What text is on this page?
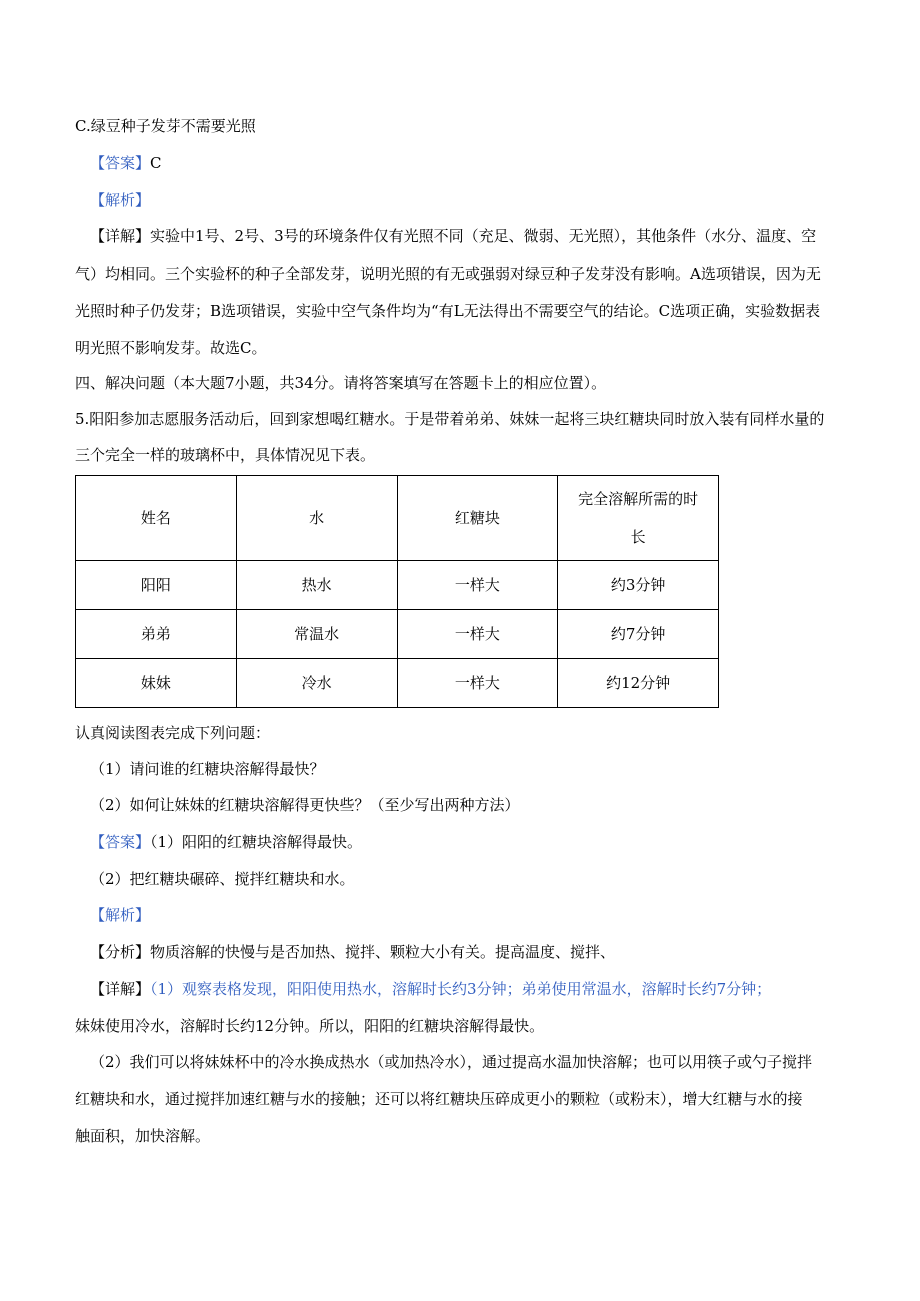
C.绿豆种子发芽不需要光照
【答案】C
【解析】
【详解】实验中1号、2号、3号的环境条件仅有光照不同（充足、微弱、无光照），其他条件（水分、温度、空
气）均相同。三个实验杯的种子全部发芽，说明光照的有无或强弱对绿豆种子发芽没有影响。A选项错误，因为无
光照时种子仍发芽；B选项错误，实验中空气条件均为“有L无法得出不需要空气的结论。C选项正确，实验数据表
明光照不影响发芽。故选C。
四、解决问题（本大题7小题，共34分。请将答案填写在答题卡上的相应位置）。
5.阳阳参加志愿服务活动后，回到家想喝红糖水。于是带着弟弟、妹妹一起将三块红糖块同时放入装有同样水量的
三个完全一样的玻璃杯中，具体情况见下表。
姓名	水	红糖块	完全溶解所需的时
长
阳阳	热水	一样大	约3分钟
弟弟	常温水	一样大	约7分钟
妹妹	冷水	一样大	约12分钟
认真阅读图表完成下列问题：
（1）请问谁的红糖块溶解得最快？
（2）如何让妹妹的红糖块溶解得更快些？（至少写出两种方法）
【答案】（1）阳阳的红糖块溶解得最快。
（2）把红糖块碾碎、搅拌红糖块和水。
【解析】
【分析】物质溶解的快慢与是否加热、搅拌、颗粒大小有关。提高温度、搅拌、
【详解】（1）观察表格发现，阳阳使用热水，溶解时长约3分钟；弟弟使用常温水，溶解时长约7分钟；
妹妹使用冷水，溶解时长约12分钟。所以，阳阳的红糖块溶解得最快。
（2）我们可以将妹妹杯中的冷水换成热水（或加热冷水），通过提高水温加快溶解；也可以用筷子或勺子搅拌
红糖块和水，通过搅拌加速红糖与水的接触；还可以将红糖块压碎成更小的颗粒（或粉末），增大红糖与水的接
触面积，加快溶解。
